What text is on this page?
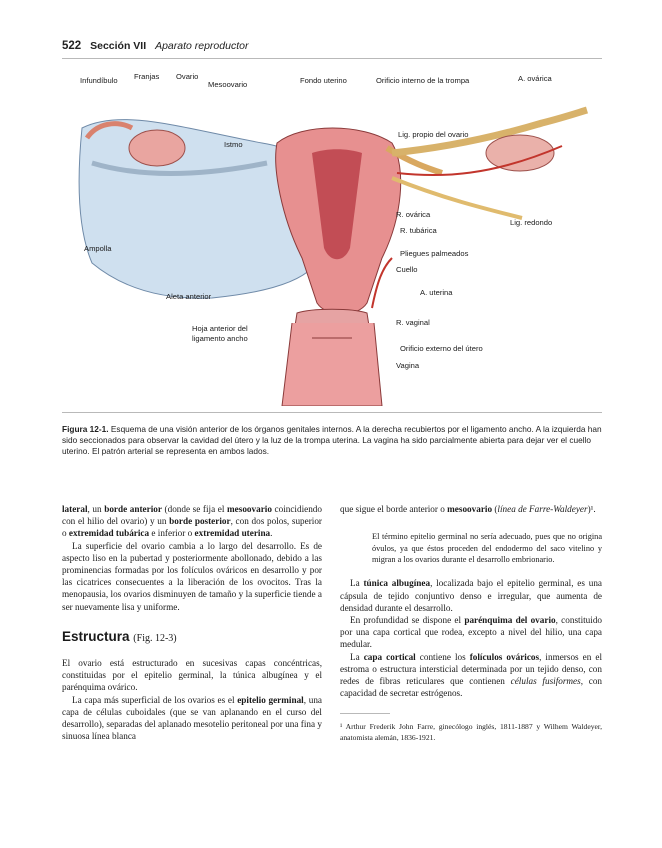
522 Sección VII Aparato reproductor
Infundíbulo Franjas Ovario
Mesoovario	Fondo uterino	Orificio interno de la trompa	A. ovárica
Lig. propio del ovario
Istmo
R. ovárica
R. tubárica
Lig. redondo
Ampolla
Pliegues palmeados
Cuello
A. uterina
Aleta anterior
Hoja anterior del
ligamento ancho
R. vaginal
Orificio externo del útero
Vagina
Figura 12-1. Esquema de una visión anterior de los órganos genitales internos. A la derecha recubiertos por el ligamento ancho. A la izquierda han sido seccionados para observar la cavidad del útero y la luz de la trompa uterina. La vagina ha sido parcialmente abierta para dejar ver el cuello uterino. El patrón arterial se representa en ambos lados.

lateral, un borde anterior (donde se fija el mesoovario coincidiendo con el hilio del ovario) y un borde posterior, con dos polos, superior o extremidad tubárica e inferior o extremidad uterina.

La superficie del ovario cambia a lo largo del desarrollo. Es de aspecto liso en la pubertad y posteriormente abollonado, debido a las prominencias formadas por los folículos ováricos en desarrollo y por las cicatrices consecuentes a la liberación de los ovocitos. Tras la menopausia, los ovarios disminuyen de tamaño y la superficie tiende a ser nuevamente lisa y uniforme.

Estructura (Fig. 12-3)

El ovario está estructurado en sucesivas capas concéntricas, constituidas por el epitelio germinal, la túnica albugínea y el parénquima ovárico.

La capa más superficial de los ovarios es el epitelio germinal, una capa de células cuboidales (que se van aplanando en el curso del desarrollo), separadas del aplanado mesotelio peritoneal por una fina y sinuosa línea blanca

que sigue el borde anterior o mesoovario (línea de Farre-Waldeyer)¹.

El término epitelio germinal no sería adecuado, pues que no origina óvulos, ya que éstos proceden del endodermo del saco vitelino y migran a los ovarios durante el desarrollo embrionario.

La túnica albugínea, localizada bajo el epitelio germinal, es una cápsula de tejido conjuntivo denso e irregular, que aumenta de densidad durante el desarrollo.

En profundidad se dispone el parénquima del ovario, constituido por una capa cortical que rodea, excepto a nivel del hilio, una capa medular.

La capa cortical contiene los folículos ováricos, inmersos en el estroma o estructura intersticial determinada por un tejido denso, con redes de fibras reticulares que contienen células fusiformes, con capacidad de secretar estrógenos.

¹ Arthur Frederik John Farre, ginecólogo inglés, 1811-1887 y Wilhem Waldeyer, anatomista alemán, 1836-1921.
